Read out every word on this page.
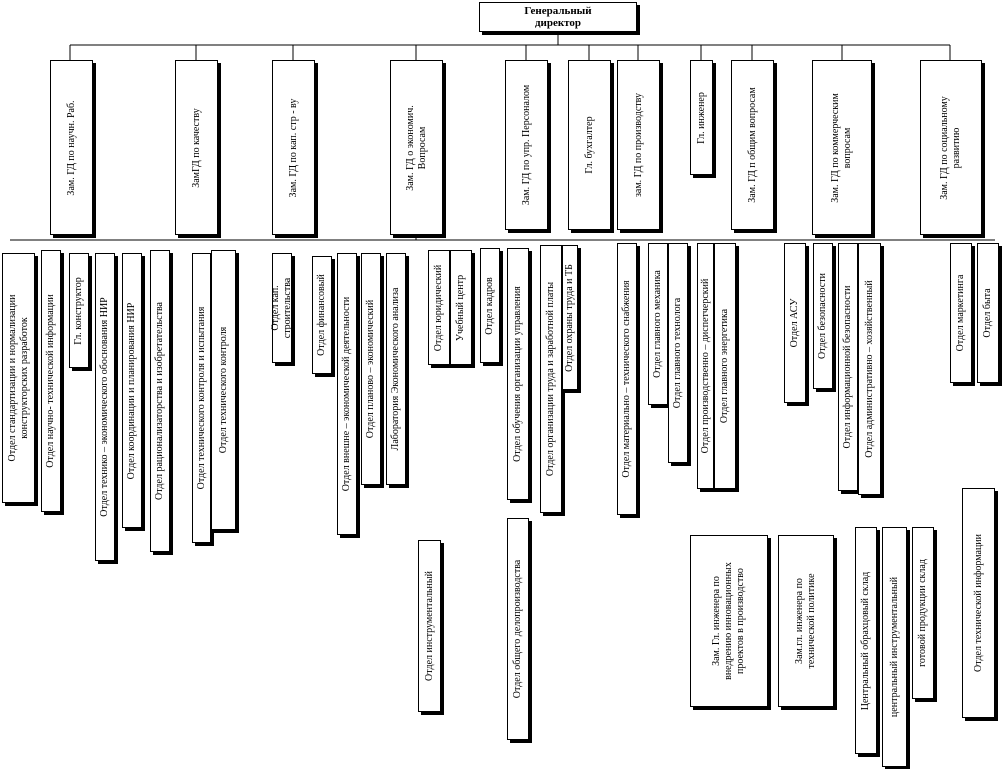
Генеральный директор
Зам. ГД по научн. Раб.	ЗамГД по качеству	Зам. ГД по кап. стр - ву	Зам. ГД о экономич.
Вопросам	Зам. ГД по упр. Персоналом	Гл. бухгалтер	зам. ГД по производству	Гл. инженер	Зам. ГД п общим вопросам	Зам. ГД по коммерческим
вопросам
Зам. ГД по социальному
развитию
Отдел стандартизации и нормализации
конструкторских разработок Отдел научно- технической информации Гл. конструктор Отдел технико – экономического обоснования НИР Отдел координации и планирования НИР Отдел рационализаторства и изобретательства	Отдел технического контроля и испытания Отдел технического контроля
Отдел кап. строительства Отдел финансовый Отдел внешне – экономической деятельности Отдел планово – экономический Лаборатория Экономического анализа
Отдел инструментальный
Отдел юридический Учебный центр Отдел кадров Отдел обучения организации управления
Отдел общего делопроизводства
Отдел организации труда и заработной платы Отдел охраны труда и ТБ	Отдел материально – технического снабжения Отдел главного механика Отдел главного технолога Отдел производственно – диспетчерский Отдел главного энергетика
Зам. Гл. инженера по
внедрению инновационных
проектов в производство
Зам.гл. инженера по
технической политике
Отдел АСУ Отдел безопасности Отдел информационной безопасности Отдел административно – хозяйственный
Центральный обрахцовый склад центральный инструментальный готовой продукции склад
Отдел маркетинга Отдел быта
Отдел технической информации
